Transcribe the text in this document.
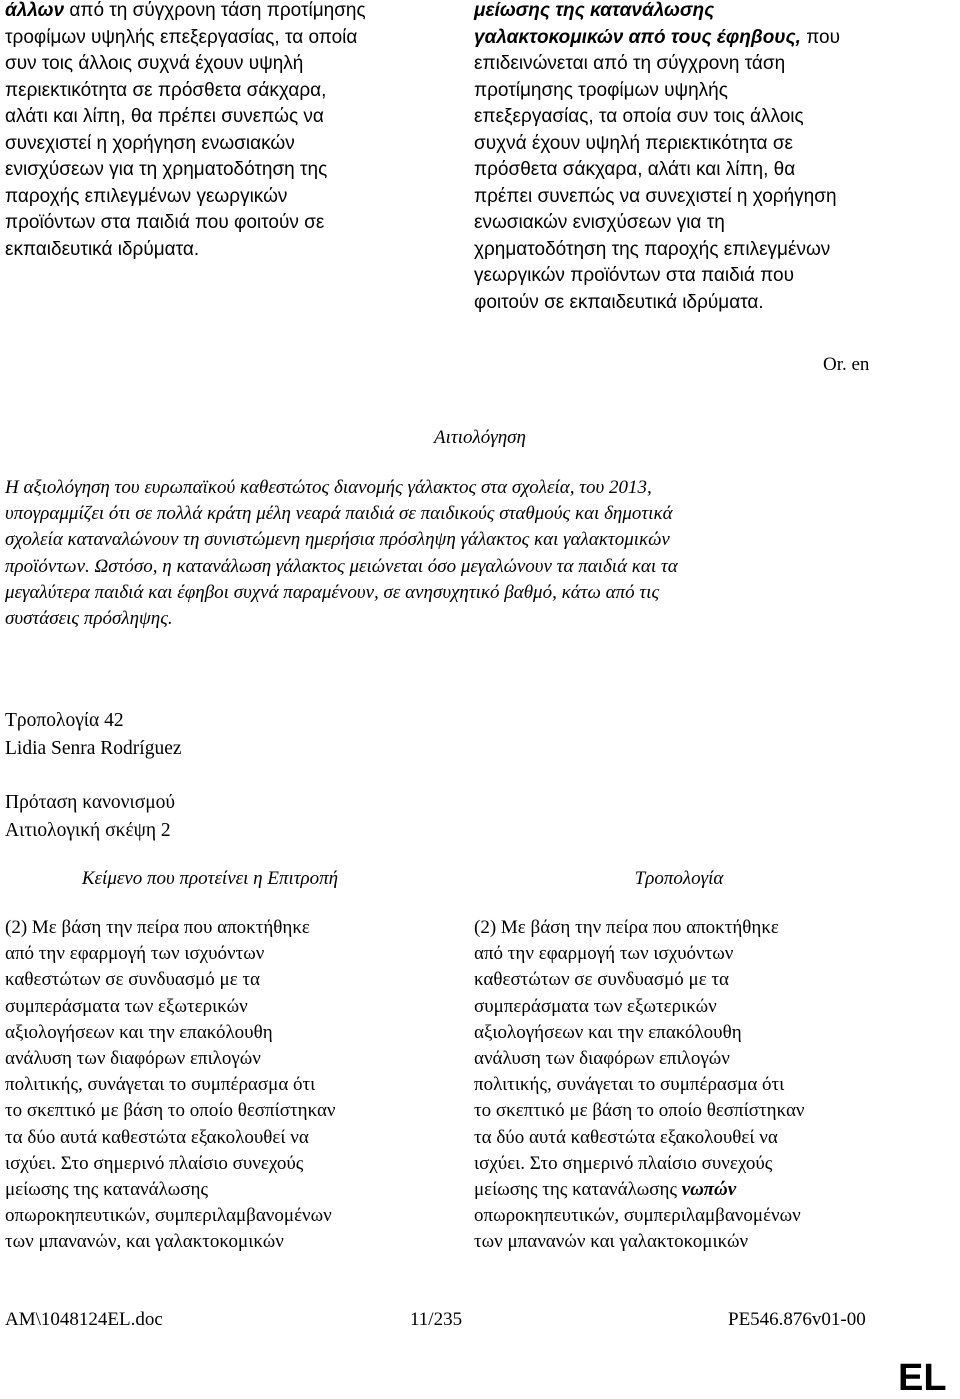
άλλων από τη σύγχρονη τάση προτίμησης
τροφίμων υψηλής επεξεργασίας, τα οποία
συν τοις άλλοις συχνά έχουν υψηλή
περιεκτικότητα σε πρόσθετα σάκχαρα,
αλάτι και λίπη, θα πρέπει συνεπώς να
συνεχιστεί η χορήγηση ενωσιακών
ενισχύσεων για τη χρηματοδότηση της
παροχής επιλεγμένων γεωργικών
προϊόντων στα παιδιά που φοιτούν σε
εκπαιδευτικά ιδρύματα.
μείωσης της κατανάλωσης
γαλακτοκομικών από τους έφηβους, που
επιδεινώνεται από τη σύγχρονη τάση
προτίμησης τροφίμων υψηλής
επεξεργασίας, τα οποία συν τοις άλλοις
συχνά έχουν υψηλή περιεκτικότητα σε
πρόσθετα σάκχαρα, αλάτι και λίπη, θα
πρέπει συνεπώς να συνεχιστεί η χορήγηση
ενωσιακών ενισχύσεων για τη
χρηματοδότηση της παροχής επιλεγμένων
γεωργικών προϊόντων στα παιδιά που
φοιτούν σε εκπαιδευτικά ιδρύματα.
Or. en
Αιτιολόγηση
Η αξιολόγηση του ευρωπαϊκού καθεστώτος διανομής γάλακτος στα σχολεία, του 2013,
υπογραμμίζει ότι σε πολλά κράτη μέλη νεαρά παιδιά σε παιδικούς σταθμούς και δημοτικά
σχολεία καταναλώνουν τη συνιστώμενη ημερήσια πρόσληψη γάλακτος και γαλακτομικών
προϊόντων. Ωστόσο, η κατανάλωση γάλακτος μειώνεται όσο μεγαλώνουν τα παιδιά και τα
μεγαλύτερα παιδιά και έφηβοι συχνά παραμένουν, σε ανησυχητικό βαθμό, κάτω από τις
συστάσεις πρόσληψης.
Τροπολογία 42
Lidia Senra Rodríguez
Πρόταση κανονισμού
Αιτιολογική σκέψη 2
Κείμενο που προτείνει η Επιτροπή	Τροπολογία
(2) Με βάση την πείρα που αποκτήθηκε
από την εφαρμογή των ισχυόντων
καθεστώτων σε συνδυασμό με τα
συμπεράσματα των εξωτερικών
αξιολογήσεων και την επακόλουθη
ανάλυση των διαφόρων επιλογών
πολιτικής, συνάγεται το συμπέρασμα ότι
το σκεπτικό με βάση το οποίο θεσπίστηκαν
τα δύο αυτά καθεστώτα εξακολουθεί να
ισχύει. Στο σημερινό πλαίσιο συνεχούς
μείωσης της κατανάλωσης
οπωροκηπευτικών, συμπεριλαμβανομένων
των μπανανών, και γαλακτοκομικών
(2) Με βάση την πείρα που αποκτήθηκε
από την εφαρμογή των ισχυόντων
καθεστώτων σε συνδυασμό με τα
συμπεράσματα των εξωτερικών
αξιολογήσεων και την επακόλουθη
ανάλυση των διαφόρων επιλογών
πολιτικής, συνάγεται το συμπέρασμα ότι
το σκεπτικό με βάση το οποίο θεσπίστηκαν
τα δύο αυτά καθεστώτα εξακολουθεί να
ισχύει. Στο σημερινό πλαίσιο συνεχούς
μείωσης της κατανάλωσης νωπών
οπωροκηπευτικών, συμπεριλαμβανομένων
των μπανανών και γαλακτοκομικών
AM\1048124EL.doc	11/235	PE546.876v01-00
EL
